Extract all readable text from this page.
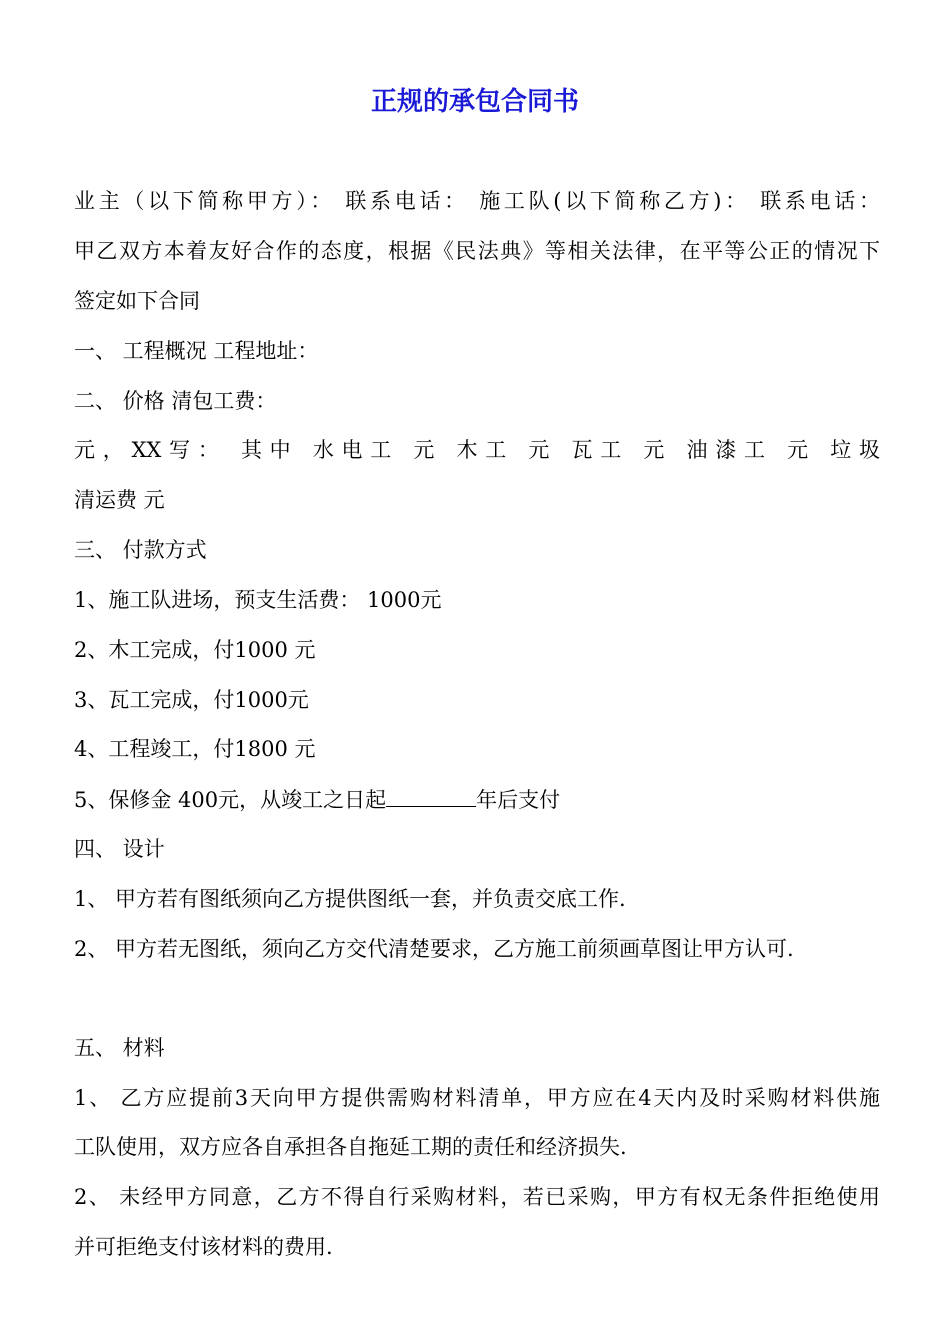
正规的承包合同书
业主（以下简称甲方）： 联系电话： 施工队(以下简称乙方)： 联系电话：
甲乙双方本着友好合作的态度，根据《民法典》等相关法律，在平等公正的情况下
签定如下合同
一、 工程概况 工程地址：
二、 价格 清包工费：
元，XX写： 其中 水电工 元 木工 元 瓦工 元 油漆工 元 垃圾
清运费 元
三、 付款方式
1、施工队进场，预支生活费： 1000元
2、木工完成，付1000 元
3、瓦工完成，付1000元
4、工程竣工，付1800 元
5、保修金 400元，从竣工之日起	年后支付
四、 设计
1、 甲方若有图纸须向乙方提供图纸一套，并负责交底工作.
2、 甲方若无图纸，须向乙方交代清楚要求，乙方施工前须画草图让甲方认可.
五、 材料
1、 乙方应提前3天向甲方提供需购材料清单，甲方应在4天内及时采购材料供施
工队使用，双方应各自承担各自拖延工期的责任和经济损失.
2、 未经甲方同意，乙方不得自行采购材料，若已采购，甲方有权无条件拒绝使用
并可拒绝支付该材料的费用.
